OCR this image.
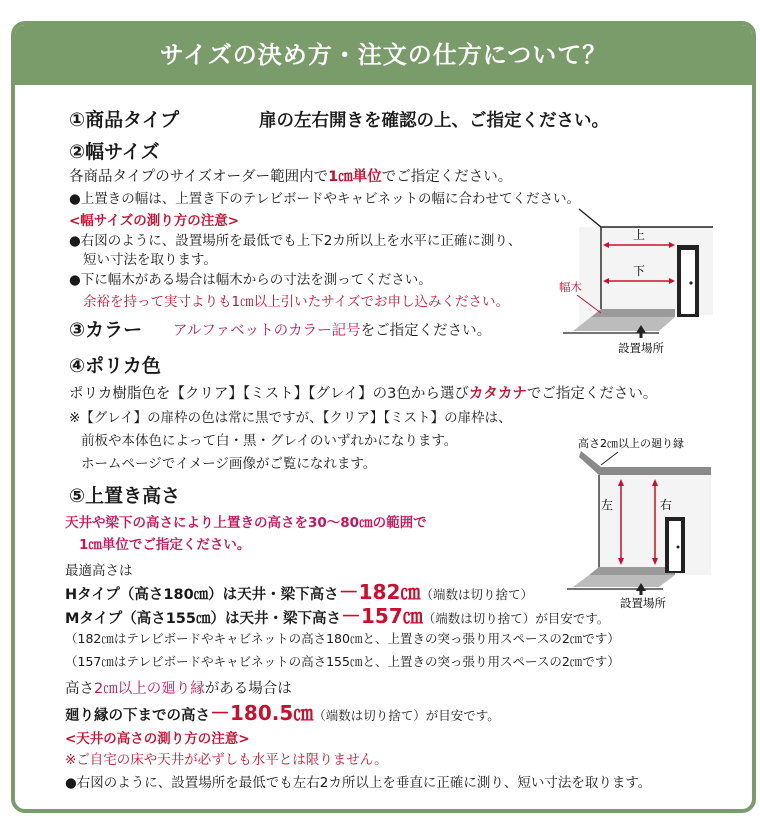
サイズの決め方・注文の仕方について？
①商品タイプ	扉の左右開きを確認の上、ご指定ください。
②幅サイズ
各商品タイプのサイズオーダー範囲内で1㎝単位でご指定ください。
●上置きの幅は、上置き下のテレビボードやキャビネットの幅に合わせてください。
<幅サイズの測り方の注意>
●右図のように、設置場所を最低でも上下2カ所以上を水平に正確に測り、
短い寸法を取ります。
●下に幅木がある場合は幅木からの寸法を測ってください。
余裕を持って実寸よりも1㎝以上引いたサイズでお申し込みください。
③カラー アルファベットのカラー記号をご指定ください。
④ポリカ色
ポリカ樹脂色を【クリア】【ミスト】【グレイ】の3色から選びカタカナでご指定ください。
※【グレイ】の扉枠の色は常に黒ですが、【クリア】【ミスト】の扉枠は、
前板や本体色によって白・黒・グレイのいずれかになります。
ホームページでイメージ画像がご覧になれます。
⑤上置き高さ
天井や梁下の高さにより上置きの高さを30～80㎝の範囲で
1㎝単位でご指定ください。
最適高さは
Hタイプ（高さ180㎝）は天井・梁下高さ－182㎝（端数は切り捨て）
Mタイプ（高さ155㎝）は天井・梁下高さ－157㎝（端数は切り捨て）が目安です。
（182㎝はテレビボードやキャビネットの高さ180㎝と、上置きの突っ張り用スペースの2㎝です）
（157㎝はテレビボードやキャビネットの高さ155㎝と、上置きの突っ張り用スペースの2㎝です）
高さ2㎝以上の廻り縁がある場合は
廻り縁の下までの高さ－180.5㎝（端数は切り捨て）が目安です。
<天井の高さの測り方の注意>
※ご自宅の床や天井が必ずしも水平とは限りません。
●右図のように、設置場所を最低でも左右2カ所以上を垂直に正確に測り、短い寸法を取ります。
上
下
幅木
設置場所
高さ2㎝以上の廻り縁
左	右
設置場所
